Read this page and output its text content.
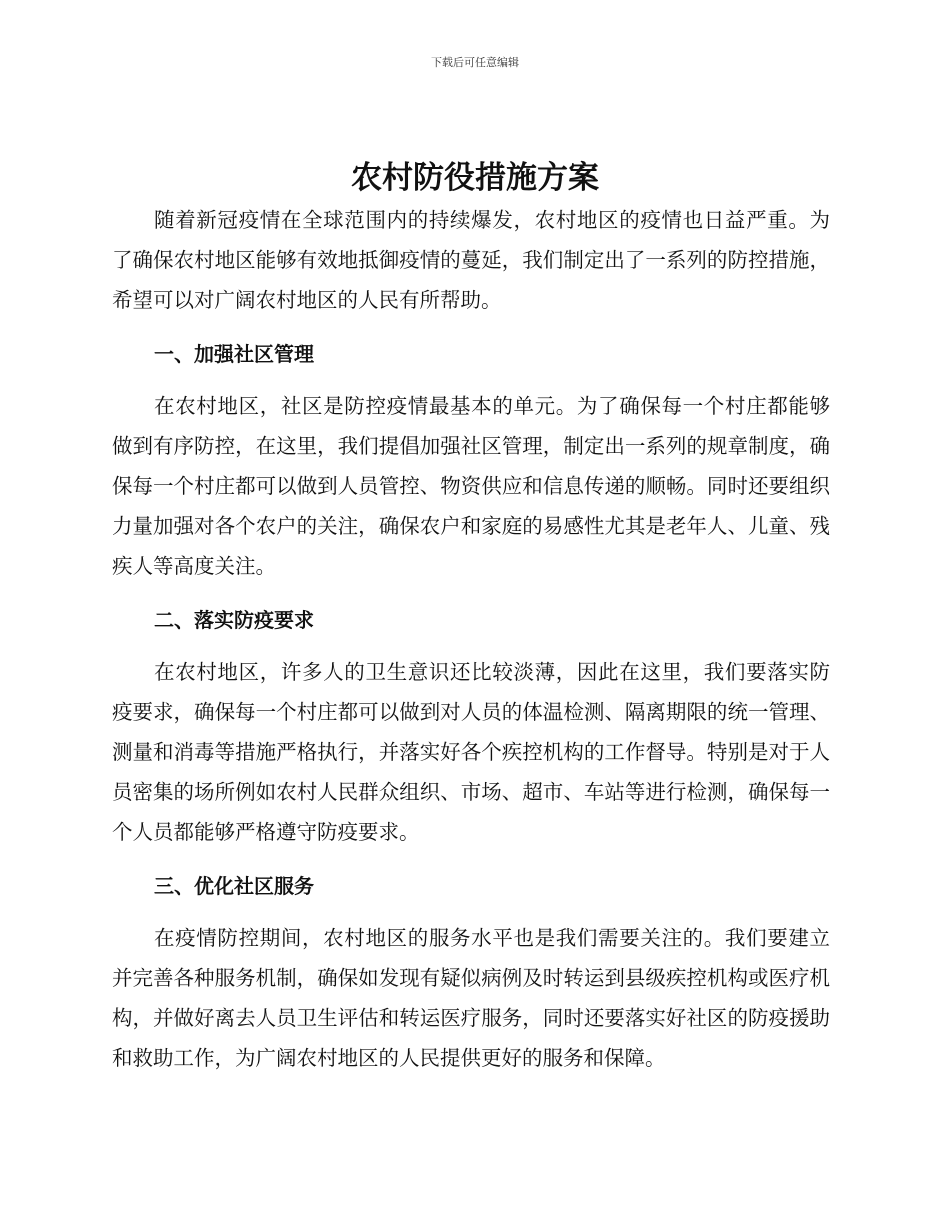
下载后可任意编辑
农村防役措施方案

随着新冠疫情在全球范围内的持续爆发，农村地区的疫情也日益严重。为了确保农村地区能够有效地抵御疫情的蔓延，我们制定出了一系列的防控措施，希望可以对广阔农村地区的人民有所帮助。

一、加强社区管理

在农村地区，社区是防控疫情最基本的单元。为了确保每一个村庄都能够做到有序防控，在这里，我们提倡加强社区管理，制定出一系列的规章制度，确保每一个村庄都可以做到人员管控、物资供应和信息传递的顺畅。同时还要组织力量加强对各个农户的关注，确保农户和家庭的易感性尤其是老年人、儿童、残疾人等高度关注。

二、落实防疫要求

在农村地区，许多人的卫生意识还比较淡薄，因此在这里，我们要落实防疫要求，确保每一个村庄都可以做到对人员的体温检测、隔离期限的统一管理、测量和消毒等措施严格执行，并落实好各个疾控机构的工作督导。特别是对于人员密集的场所例如农村人民群众组织、市场、超市、车站等进行检测，确保每一个人员都能够严格遵守防疫要求。

三、优化社区服务

在疫情防控期间，农村地区的服务水平也是我们需要关注的。我们要建立并完善各种服务机制，确保如发现有疑似病例及时转运到县级疾控机构或医疗机构，并做好离去人员卫生评估和转运医疗服务，同时还要落实好社区的防疫援助和救助工作，为广阔农村地区的人民提供更好的服务和保障。
